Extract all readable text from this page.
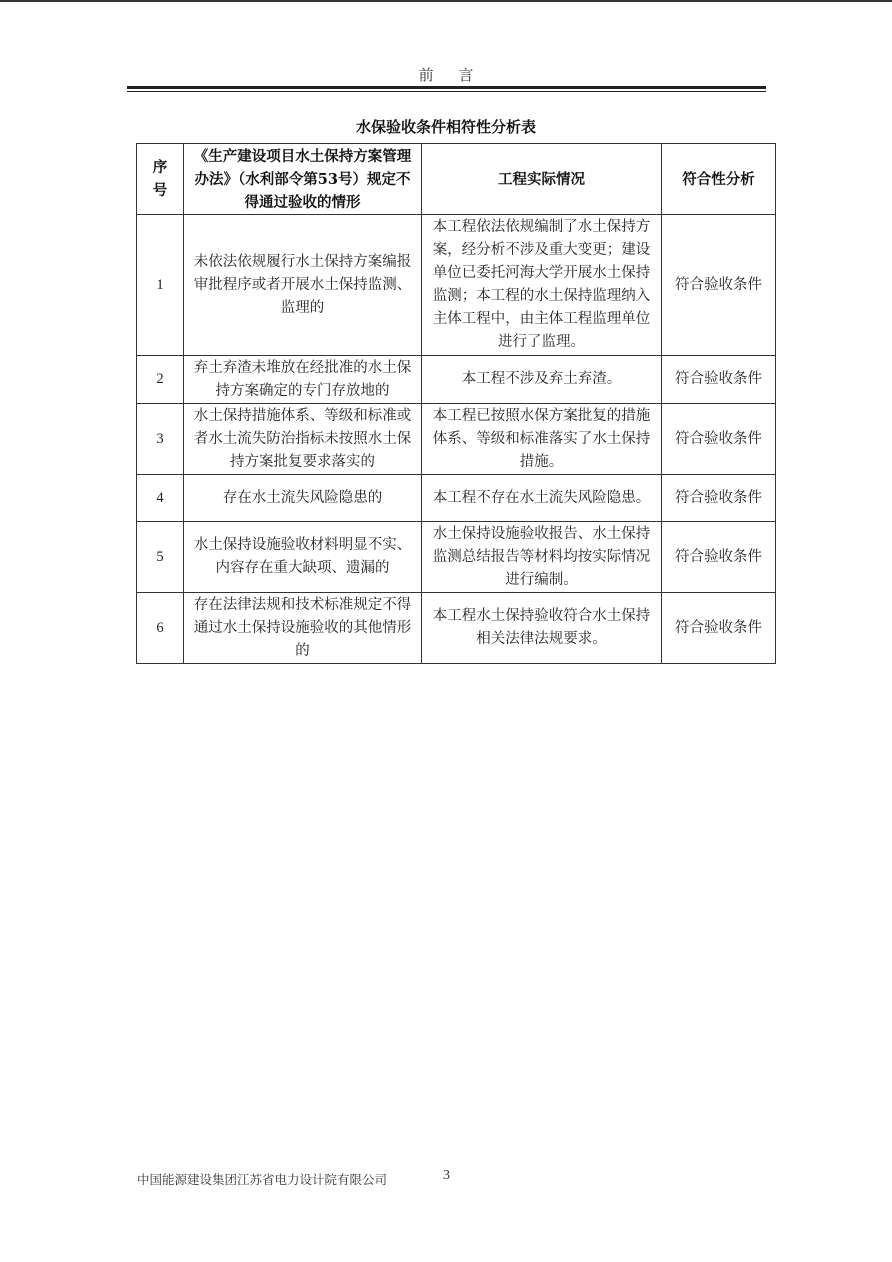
前 言
水保验收条件相符性分析表
序
号	《生产建设项目水土保持方案管理办法》（水利部令第53号）规定不得通过验收的情形	工程实际情况	符合性分析
1	未依法依规履行水土保持方案编报审批程序或者开展水土保持监测、监理的	本工程依法依规编制了水土保持方案，经分析不涉及重大变更；建设单位已委托河海大学开展水土保持监测；本工程的水土保持监理纳入主体工程中，由主体工程监理单位进行了监理。	符合验收条件
2	弃土弃渣未堆放在经批准的水土保持方案确定的专门存放地的	本工程不涉及弃土弃渣。	符合验收条件
3	水土保持措施体系、等级和标准或者水土流失防治指标未按照水土保持方案批复要求落实的	本工程已按照水保方案批复的措施体系、等级和标准落实了水土保持措施。	符合验收条件
4	存在水土流失风险隐患的	本工程不存在水土流失风险隐患。	符合验收条件
5	水土保持设施验收材料明显不实、内容存在重大缺项、遗漏的	水土保持设施验收报告、水土保持监测总结报告等材料均按实际情况进行编制。	符合验收条件
6	存在法律法规和技术标准规定不得通过水土保持设施验收的其他情形的	本工程水土保持验收符合水土保持相关法律法规要求。	符合验收条件
中国能源建设集团江苏省电力设计院有限公司	3
